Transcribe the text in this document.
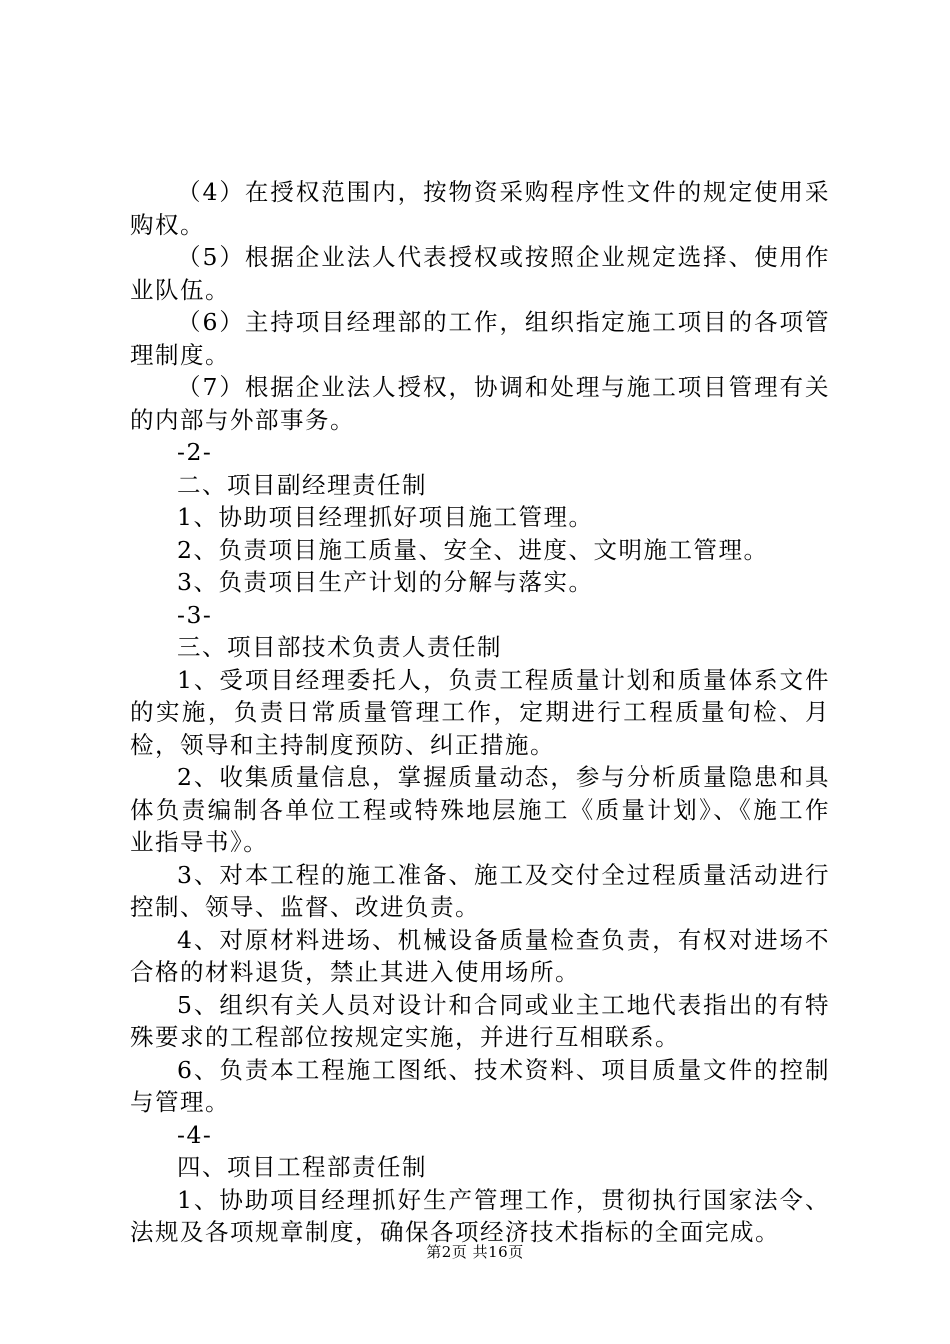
（4）在授权范围内，按物资采购程序性文件的规定使用采购权。

（5）根据企业法人代表授权或按照企业规定选择、使用作业队伍。

（6）主持项目经理部的工作，组织指定施工项目的各项管理制度。

（7）根据企业法人授权，协调和处理与施工项目管理有关的内部与外部事务。

-2-

二、项目副经理责任制

1、协助项目经理抓好项目施工管理。

2、负责项目施工质量、安全、进度、文明施工管理。

3、负责项目生产计划的分解与落实。

-3-

三、项目部技术负责人责任制

1、受项目经理委托人，负责工程质量计划和质量体系文件的实施，负责日常质量管理工作，定期进行工程质量旬检、月检，领导和主持制度预防、纠正措施。

2、收集质量信息，掌握质量动态，参与分析质量隐患和具体负责编制各单位工程或特殊地层施工《质量计划》、《施工作业指导书》。

3、对本工程的施工准备、施工及交付全过程质量活动进行控制、领导、监督、改进负责。

4、对原材料进场、机械设备质量检查负责，有权对进场不合格的材料退货，禁止其进入使用场所。

5、组织有关人员对设计和合同或业主工地代表指出的有特殊要求的工程部位按规定实施，并进行互相联系。

6、负责本工程施工图纸、技术资料、项目质量文件的控制与管理。

-4-

四、项目工程部责任制

1、协助项目经理抓好生产管理工作，贯彻执行国家法令、法规及各项规章制度，确保各项经济技术指标的全面完成。

第2页 共16页
